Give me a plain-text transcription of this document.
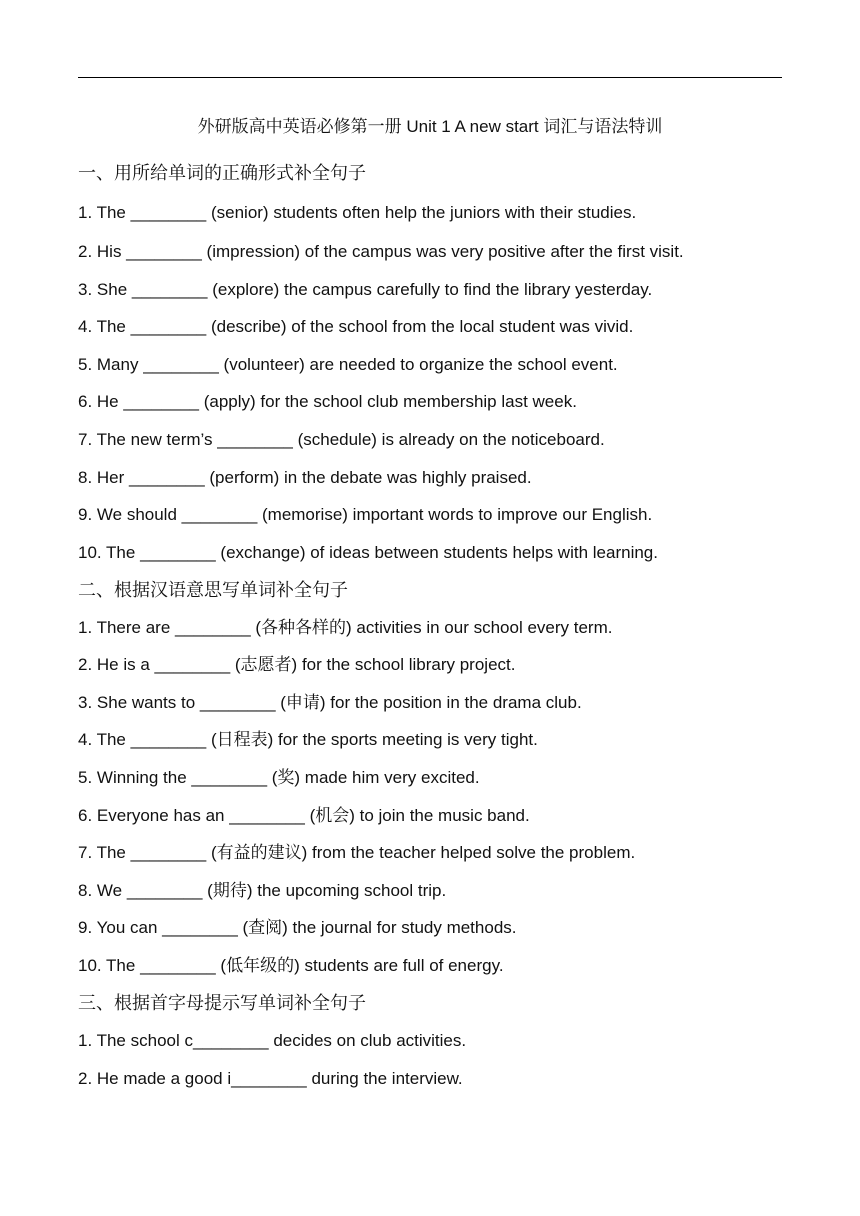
外研版高中英语必修第一册 Unit 1 A new start 词汇与语法特训
一、用所给单词的正确形式补全句子
1. The ________ (senior) students often help the juniors with their studies.
2. His ________ (impression) of the campus was very positive after the first visit.
3. She ________ (explore) the campus carefully to find the library yesterday.
4. The ________ (describe) of the school from the local student was vivid.
5. Many ________ (volunteer) are needed to organize the school event.
6. He ________ (apply) for the school club membership last week.
7. The new term’s ________ (schedule) is already on the noticeboard.
8. Her ________ (perform) in the debate was highly praised.
9. We should ________ (memorise) important words to improve our English.
10. The ________ (exchange) of ideas between students helps with learning.
二、根据汉语意思写单词补全句子
1. There are ________ (各种各样的) activities in our school every term.
2. He is a ________ (志愿者) for the school library project.
3. She wants to ________ (申请) for the position in the drama club.
4. The ________ (日程表) for the sports meeting is very tight.
5. Winning the ________ (奖) made him very excited.
6. Everyone has an ________ (机会) to join the music band.
7. The ________ (有益的建议) from the teacher helped solve the problem.
8. We ________ (期待) the upcoming school trip.
9. You can ________ (查阅) the journal for study methods.
10. The ________ (低年级的) students are full of energy.
三、根据首字母提示写单词补全句子
1. The school c________ decides on club activities.
2. He made a good i________ during the interview.
